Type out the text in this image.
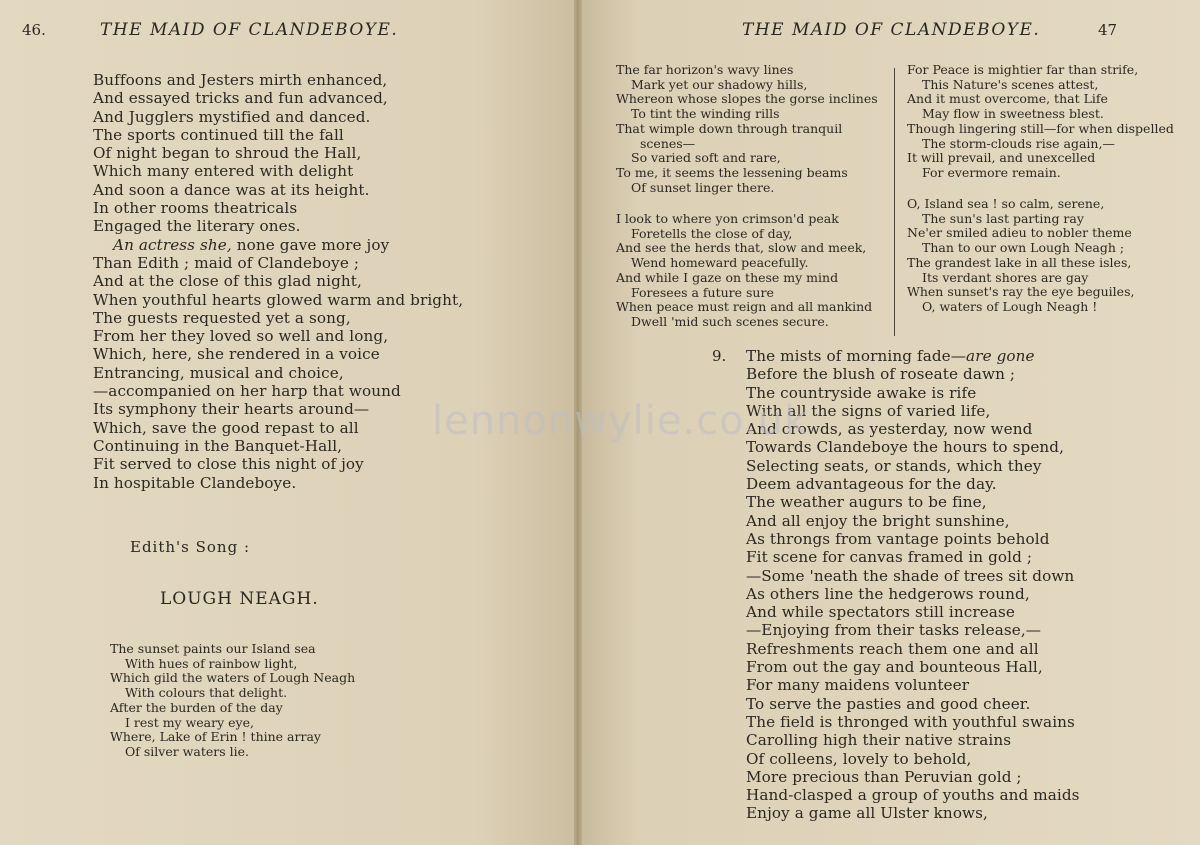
46.	THE MAID OF CLANDEBOYE.
Buffoons and Jesters mirth enhanced,
And essayed tricks and fun advanced,
And Jugglers mystified and danced.
The sports continued till the fall
Of night began to shroud the Hall,
Which many entered with delight
And soon a dance was at its height.
In other rooms theatricals
Engaged the literary ones.
An actress she, none gave more joy
Than Edith ; maid of Clandeboye ;
And at the close of this glad night,
When youthful hearts glowed warm and bright,
The guests requested yet a song,
From her they loved so well and long,
Which, here, she rendered in a voice
Entrancing, musical and choice,
—accompanied on her harp that wound
Its symphony their hearts around—
Which, save the good repast to all
Continuing in the Banquet-Hall,
Fit served to close this night of joy
In hospitable Clandeboye.
Edith's Song :
LOUGH NEAGH.
The sunset paints our Island sea
With hues of rainbow light,
Which gild the waters of Lough Neagh
With colours that delight.
After the burden of the day
I rest my weary eye,
Where, Lake of Erin ! thine array
Of silver waters lie.
THE MAID OF CLANDEBOYE.	47
The far horizon's wavy lines
Mark yet our shadowy hills,
Whereon whose slopes the gorse inclines
To tint the winding rills
That wimple down through tranquil
scenes—
So varied soft and rare,
To me, it seems the lessening beams
Of sunset linger there.
I look to where yon crimson'd peak
Foretells the close of day,
And see the herds that, slow and meek,
Wend homeward peacefully.
And while I gaze on these my mind
Foresees a future sure
When peace must reign and all mankind
Dwell 'mid such scenes secure.
For Peace is mightier far than strife,
This Nature's scenes attest,
And it must overcome, that Life
May flow in sweetness blest.
Though lingering still—for when dispelled
The storm-clouds rise again,—
It will prevail, and unexcelled
For evermore remain.
O, Island sea ! so calm, serene,
The sun's last parting ray
Ne'er smiled adieu to nobler theme
Than to our own Lough Neagh ;
The grandest lake in all these isles,
Its verdant shores are gay
When sunset's ray the eye beguiles,
O, waters of Lough Neagh !
9. The mists of morning fade—are gone
Before the blush of roseate dawn ;
The countryside awake is rife
With all the signs of varied life,
And crowds, as yesterday, now wend
Towards Clandeboye the hours to spend,
Selecting seats, or stands, which they
Deem advantageous for the day.
The weather augurs to be fine,
And all enjoy the bright sunshine,
As throngs from vantage points behold
Fit scene for canvas framed in gold ;
—Some 'neath the shade of trees sit down
As others line the hedgerows round,
And while spectators still increase
—Enjoying from their tasks release,—
Refreshments reach them one and all
From out the gay and bounteous Hall,
For many maidens volunteer
To serve the pasties and good cheer.
The field is thronged with youthful swains
Carolling high their native strains
Of colleens, lovely to behold,
More precious than Peruvian gold ;
Hand-clasped a group of youths and maids
Enjoy a game all Ulster knows,
lennonwylie.co.uk
